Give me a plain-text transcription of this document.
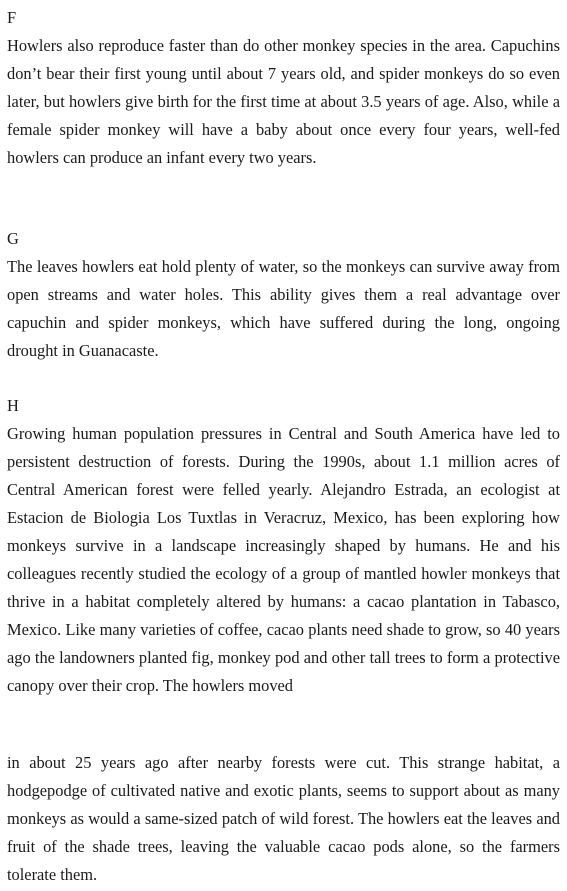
F

Howlers also reproduce faster than do other monkey species in the area. Capuchins don’t bear their first young until about 7 years old, and spider monkeys do so even later, but howlers give birth for the first time at about 3.5 years of age. Also, while a female spider monkey will have a baby about once every four years, well-fed howlers can produce an infant every two years.

G

The leaves howlers eat hold plenty of water, so the monkeys can survive away from open streams and water holes. This ability gives them a real advantage over capuchin and spider monkeys, which have suffered during the long, ongoing drought in Guanacaste.

H

Growing human population pressures in Central and South America have led to persistent destruction of forests. During the 1990s, about 1.1 million acres of Central American forest were felled yearly. Alejandro Estrada, an ecologist at Estacion de Biologia Los Tuxtlas in Veracruz, Mexico, has been exploring how monkeys survive in a landscape increasingly shaped by humans. He and his colleagues recently studied the ecology of a group of mantled howler monkeys that thrive in a habitat completely altered by humans: a cacao plantation in Tabasco, Mexico. Like many varieties of coffee, cacao plants need shade to grow, so 40 years ago the landowners planted fig, monkey pod and other tall trees to form a protective canopy over their crop. The howlers moved

in about 25 years ago after nearby forests were cut. This strange habitat, a hodgepodge of cultivated native and exotic plants, seems to support about as many monkeys as would a same-sized patch of wild forest. The howlers eat the leaves and fruit of the shade trees, leaving the valuable cacao pods alone, so the farmers tolerate them.
